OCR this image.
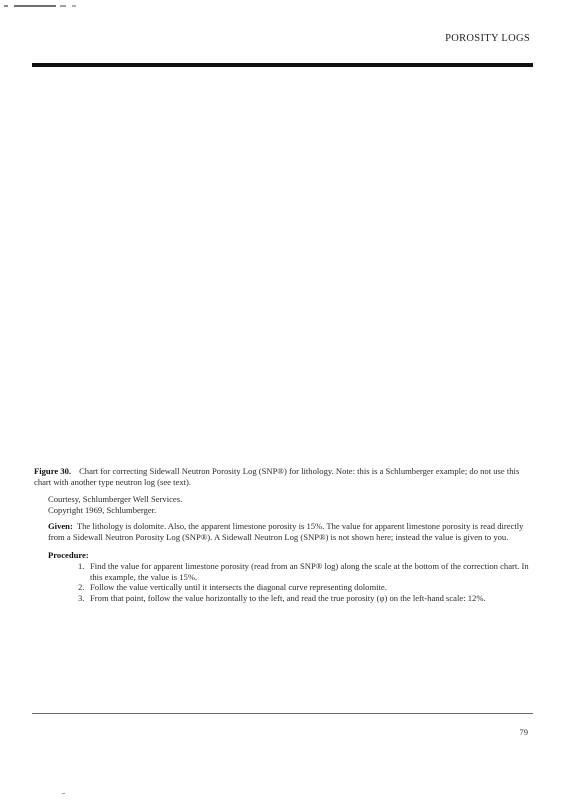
POROSITY LOGS

Figure 30. Chart for correcting Sidewall Neutron Porosity Log (SNP®) for lithology. Note: this is a Schlumberger example; do not use this chart with another type neutron log (see text).

Courtesy, Schlumberger Well Services.

Copyright 1969, Schlumberger.

Given: The lithology is dolomite. Also, the apparent limestone porosity is 15%. The value for apparent limestone porosity is read directly from a Sidewall Neutron Porosity Log (SNP®). A Sidewall Neutron Log (SNP®) is not shown here; instead the value is given to you.

Procedure:

1. Find the value for apparent limestone porosity (read from an SNP® log) along the scale at the bottom of the correction chart. In this example, the value is 15%.
2. Follow the value vertically until it intersects the diagonal curve representing dolomite.
3. From that point, follow the value horizontally to the left, and read the true porosity (φ) on the left-hand scale: 12%.
79
